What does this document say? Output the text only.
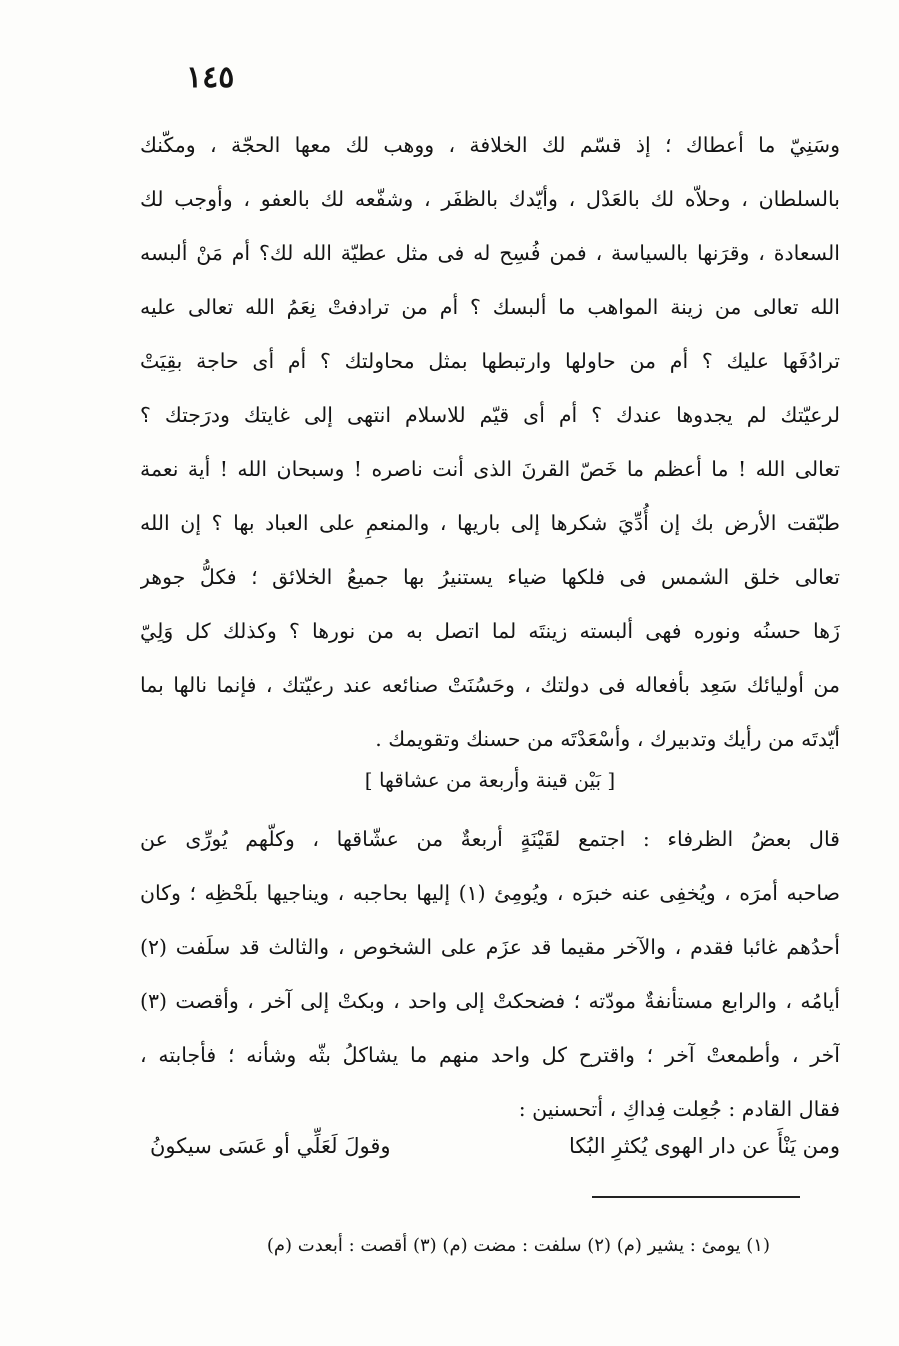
١٤٥
وسَنِيّ ما أعطاك ؛ إذ قسّم لك الخلافة ، ووهب لك معها الحجّة ، ومكّنك
بالسلطان ، وحلاّه لك بالعَدْل ، وأيّدك بالظفَر ، وشفّعه لك بالعفو ، وأوجب لك
السعادة ، وقرَنها بالسياسة ، فمن فُسِح له فى مثل عطيّة الله لك؟ أم مَنْ ألبسه
الله تعالى من زينة المواهب ما ألبسك ؟ أم من ترادفتْ نِعَمُ الله تعالى عليه
ترادُفَها عليك ؟ أم من حاولها وارتبطها بمثل محاولتك ؟ أم أى حاجة بقِيَتْ
لرعيّتك لم يجدوها عندك ؟ أم أى قيّم للاسلام انتهى إلى غايتك ودرَجتك ؟
تعالى الله ! ما أعظم ما خَصّ القرنَ الذى أنت ناصره ! وسبحان الله ! أية نعمة
طبّقت الأرض بك إن أُدِّيَ شكرها إلى باريها ، والمنعمِ على العباد بها ؟ إن الله
تعالى خلق الشمس فى فلكها ضياء يستنيرُ بها جميعُ الخلائق ؛ فكلُّ جوهر
زَها حسنُه ونوره فهى ألبسته زينتَه لما اتصل به من نورها ؟ وكذلك كل وَلِيّ
من أوليائك سَعِد بأفعاله فى دولتك ، وحَسُنَتْ صنائعه عند رعيّتك ، فإنما نالها بما
أيّدتَه من رأيك وتدبيرك ، وأسْعَدْتَه من حسنك وتقويمك .
[ بَيْن قينة وأربعة من عشاقها ]
قال بعضُ الظرفاء : اجتمع لقَيْنَةٍ أربعةٌ من عشّاقها ، وكلّهم يُورِّى عن
صاحبه أمرَه ، ويُخفِى عنه خبرَه ، ويُومِئ (١) إليها بحاجبه ، ويناجيها بلَحْظِه ؛ وكان
أحدُهم غائبا فقدم ، والآخر مقيما قد عزَم على الشخوص ، والثالث قد سلَفت (٢)
أيامُه ، والرابع مستأنفةٌ مودّته ؛ فضحكتْ إلى واحد ، وبكتْ إلى آخر ، وأقصت (٣)
آخر ، وأطمعتْ آخر ؛ واقترح كل واحد منهم ما يشاكلُ بثّه وشأنه ؛ فأجابته ،
فقال القادم : جُعِلت فِداكِ ، أتحسنين :
ومن يَنْأَ عن دار الهوى يُكثرِ البُكا
وقولَ لَعَلِّي أو عَسَى سيكونُ
(١) يومئ : يشير (م) (٢) سلفت : مضت (م) (٣) أقصت : أبعدت (م)
